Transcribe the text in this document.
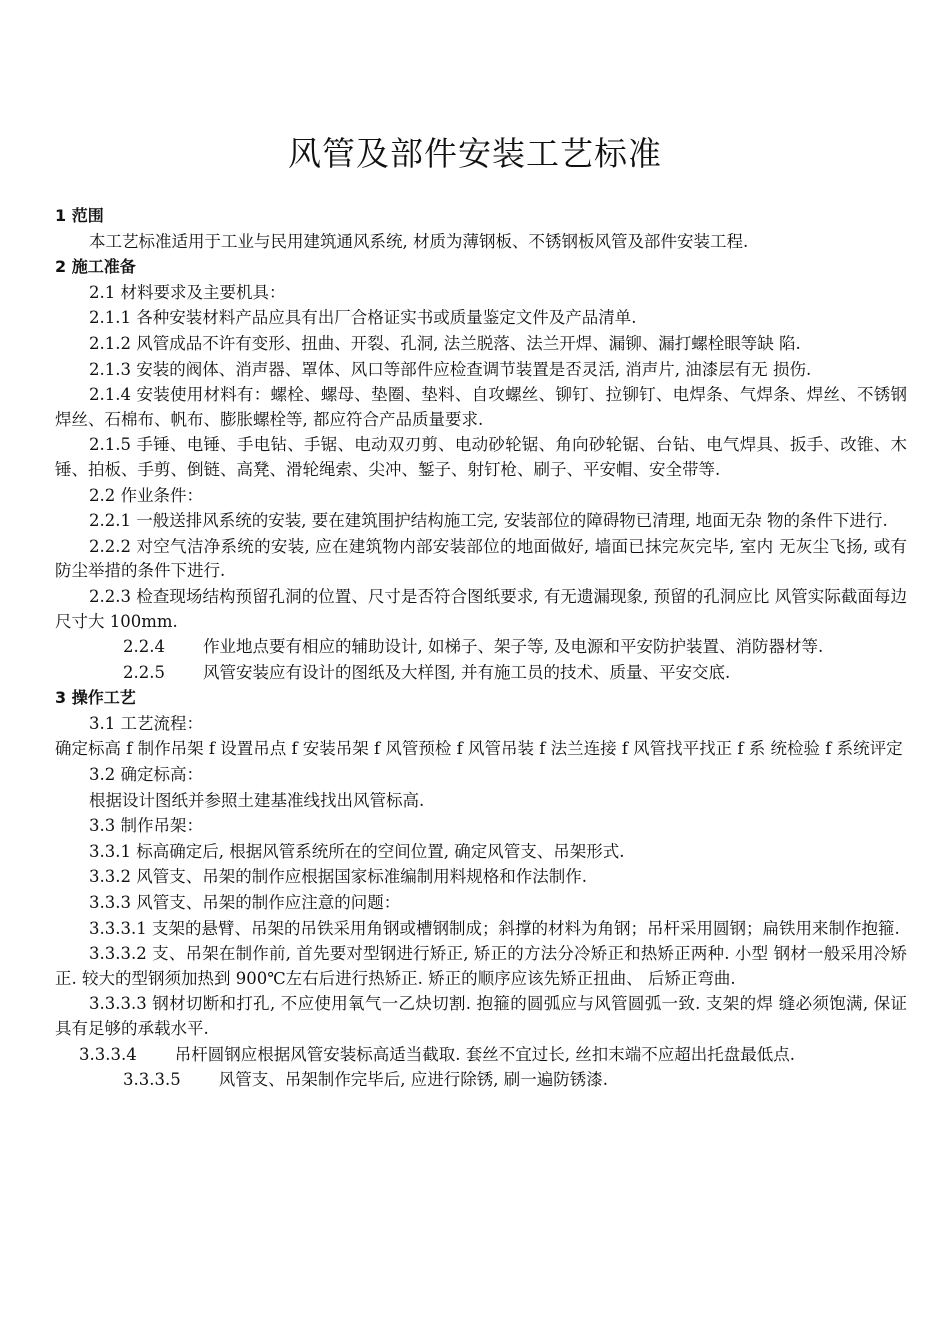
风管及部件安装工艺标准
1 范围
本工艺标准适用于工业与民用建筑通风系统, 材质为薄钢板、不锈钢板风管及部件安装工程.
2 施工准备
2.1 材料要求及主要机具：
2.1.1 各种安装材料产品应具有出厂合格证实书或质量鉴定文件及产品清单.
2.1.2 风管成品不许有变形、扭曲、开裂、孔洞, 法兰脱落、法兰开焊、漏铆、漏打螺栓眼等缺 陷.
2.1.3 安装的阀体、消声器、罩体、风口等部件应检查调节装置是否灵活, 消声片, 油漆层有无 损伤.
2.1.4 安装使用材料有：螺栓、螺母、垫圈、垫料、自攻螺丝、铆钉、拉铆钉、电焊条、气焊条、焊丝、不锈钢焊丝、石棉布、帆布、膨胀螺栓等, 都应符合产品质量要求.
2.1.5 手锤、电锤、手电钻、手锯、电动双刃剪、电动砂轮锯、角向砂轮锯、台钻、电气焊具、扳手、改锥、木锤、拍板、手剪、倒链、高凳、滑轮绳索、尖冲、錾子、射钉枪、刷子、平安帽、安全带等.
2.2 作业条件：
2.2.1 一般送排风系统的安装, 要在建筑围护结构施工完, 安装部位的障碍物已清理, 地面无杂 物的条件下进行.
2.2.2 对空气洁净系统的安装, 应在建筑物内部安装部位的地面做好, 墙面已抹完灰完毕, 室内 无灰尘飞扬, 或有防尘举措的条件下进行.
2.2.3 检查现场结构预留孔洞的位置、尺寸是否符合图纸要求, 有无遗漏现象, 预留的孔洞应比 风管实际截面每边尺寸大 100mm.
2.2.4 作业地点要有相应的辅助设计, 如梯子、架子等, 及电源和平安防护装置、消防器材等.
2.2.5 风管安装应有设计的图纸及大样图, 并有施工员的技术、质量、平安交底.
3 操作工艺
3.1 工艺流程：
确定标高 f 制作吊架 f 设置吊点 f 安装吊架 f 风管预检 f 风管吊装 f 法兰连接 f 风管找平找正 f 系 统检验 f 系统评定
3.2 确定标高：
根据设计图纸并参照土建基准线找出风管标高.
3.3 制作吊架：
3.3.1 标高确定后, 根据风管系统所在的空间位置, 确定风管支、吊架形式.
3.3.2 风管支、吊架的制作应根据国家标准编制用料规格和作法制作.
3.3.3 风管支、吊架的制作应注意的问题：
3.3.3.1 支架的悬臂、吊架的吊铁采用角钢或槽钢制成；斜撑的材料为角钢；吊杆采用圆钢；扁铁用来制作抱箍.
3.3.3.2 支、吊架在制作前, 首先要对型钢进行矫正, 矫正的方法分冷矫正和热矫正两种. 小型 钢材一般采用冷矫正. 较大的型钢须加热到 900℃左右后进行热矫正. 矫正的顺序应该先矫正扭曲、 后矫正弯曲.
3.3.3.3 钢材切断和打孔, 不应使用氧气一乙炔切割. 抱箍的圆弧应与风管圆弧一致. 支架的焊 缝必须饱满, 保证具有足够的承载水平.
3.3.3.4 吊杆圆钢应根据风管安装标高适当截取. 套丝不宜过长, 丝扣末端不应超出托盘最低点.
3.3.3.5 风管支、吊架制作完毕后, 应进行除锈, 刷一遍防锈漆.
